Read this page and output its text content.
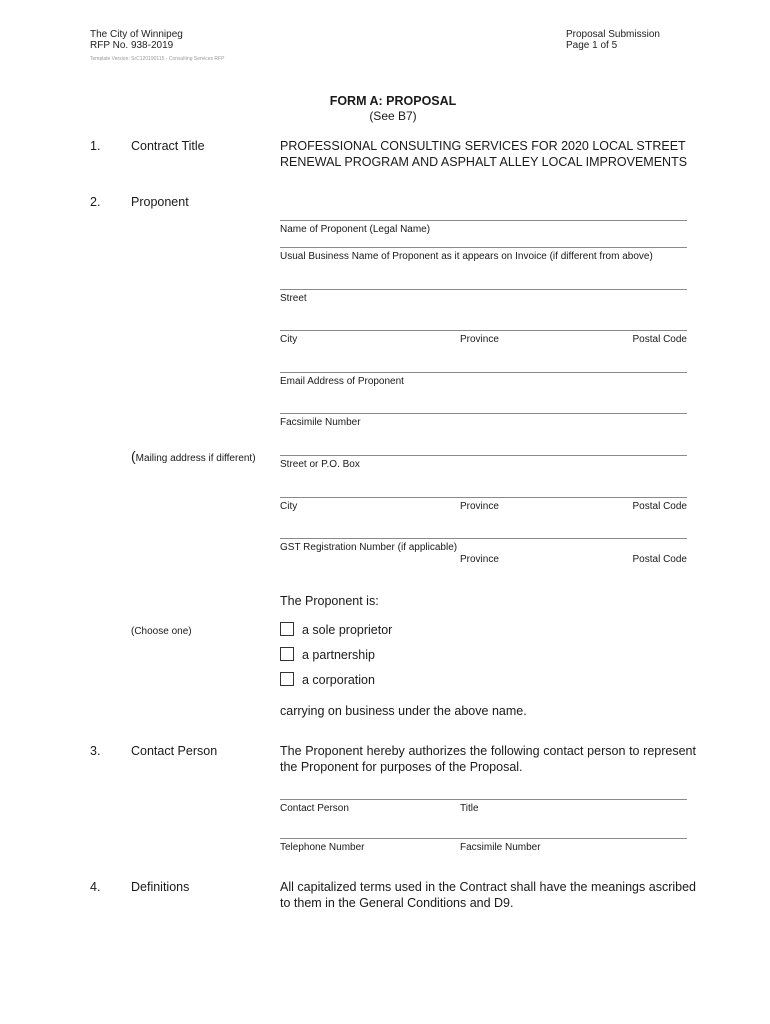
The City of Winnipeg
RFP No. 938-2019
Proposal Submission
Page 1 of 5
Template Version: SrC120190115 - Consulting Services RFP
FORM A: PROPOSAL
(See B7)
1. Contract Title	PROFESSIONAL CONSULTING SERVICES FOR 2020 LOCAL STREET
RENEWAL PROGRAM AND ASPHALT ALLEY LOCAL IMPROVEMENTS
2. Proponent
Name of Proponent (Legal Name)
Usual Business Name of Proponent as it appears on Invoice (if different from above)
Street
City	Province	Postal Code
Email Address of Proponent
Facsimile Number
(Mailing address if different)
Street or P.O. Box
City	Province	Postal Code
GST Registration Number (if applicable)
Province	Postal Code
The Proponent is:
(Choose one)	a sole proprietor
a partnership
a corporation
carrying on business under the above name.
3. Contact Person	The Proponent hereby authorizes the following contact person to represent the Proponent for purposes of the Proposal.
Contact Person	Title
Telephone Number	Facsimile Number
4. Definitions	All capitalized terms used in the Contract shall have the meanings ascribed to them in the General Conditions and D9.
